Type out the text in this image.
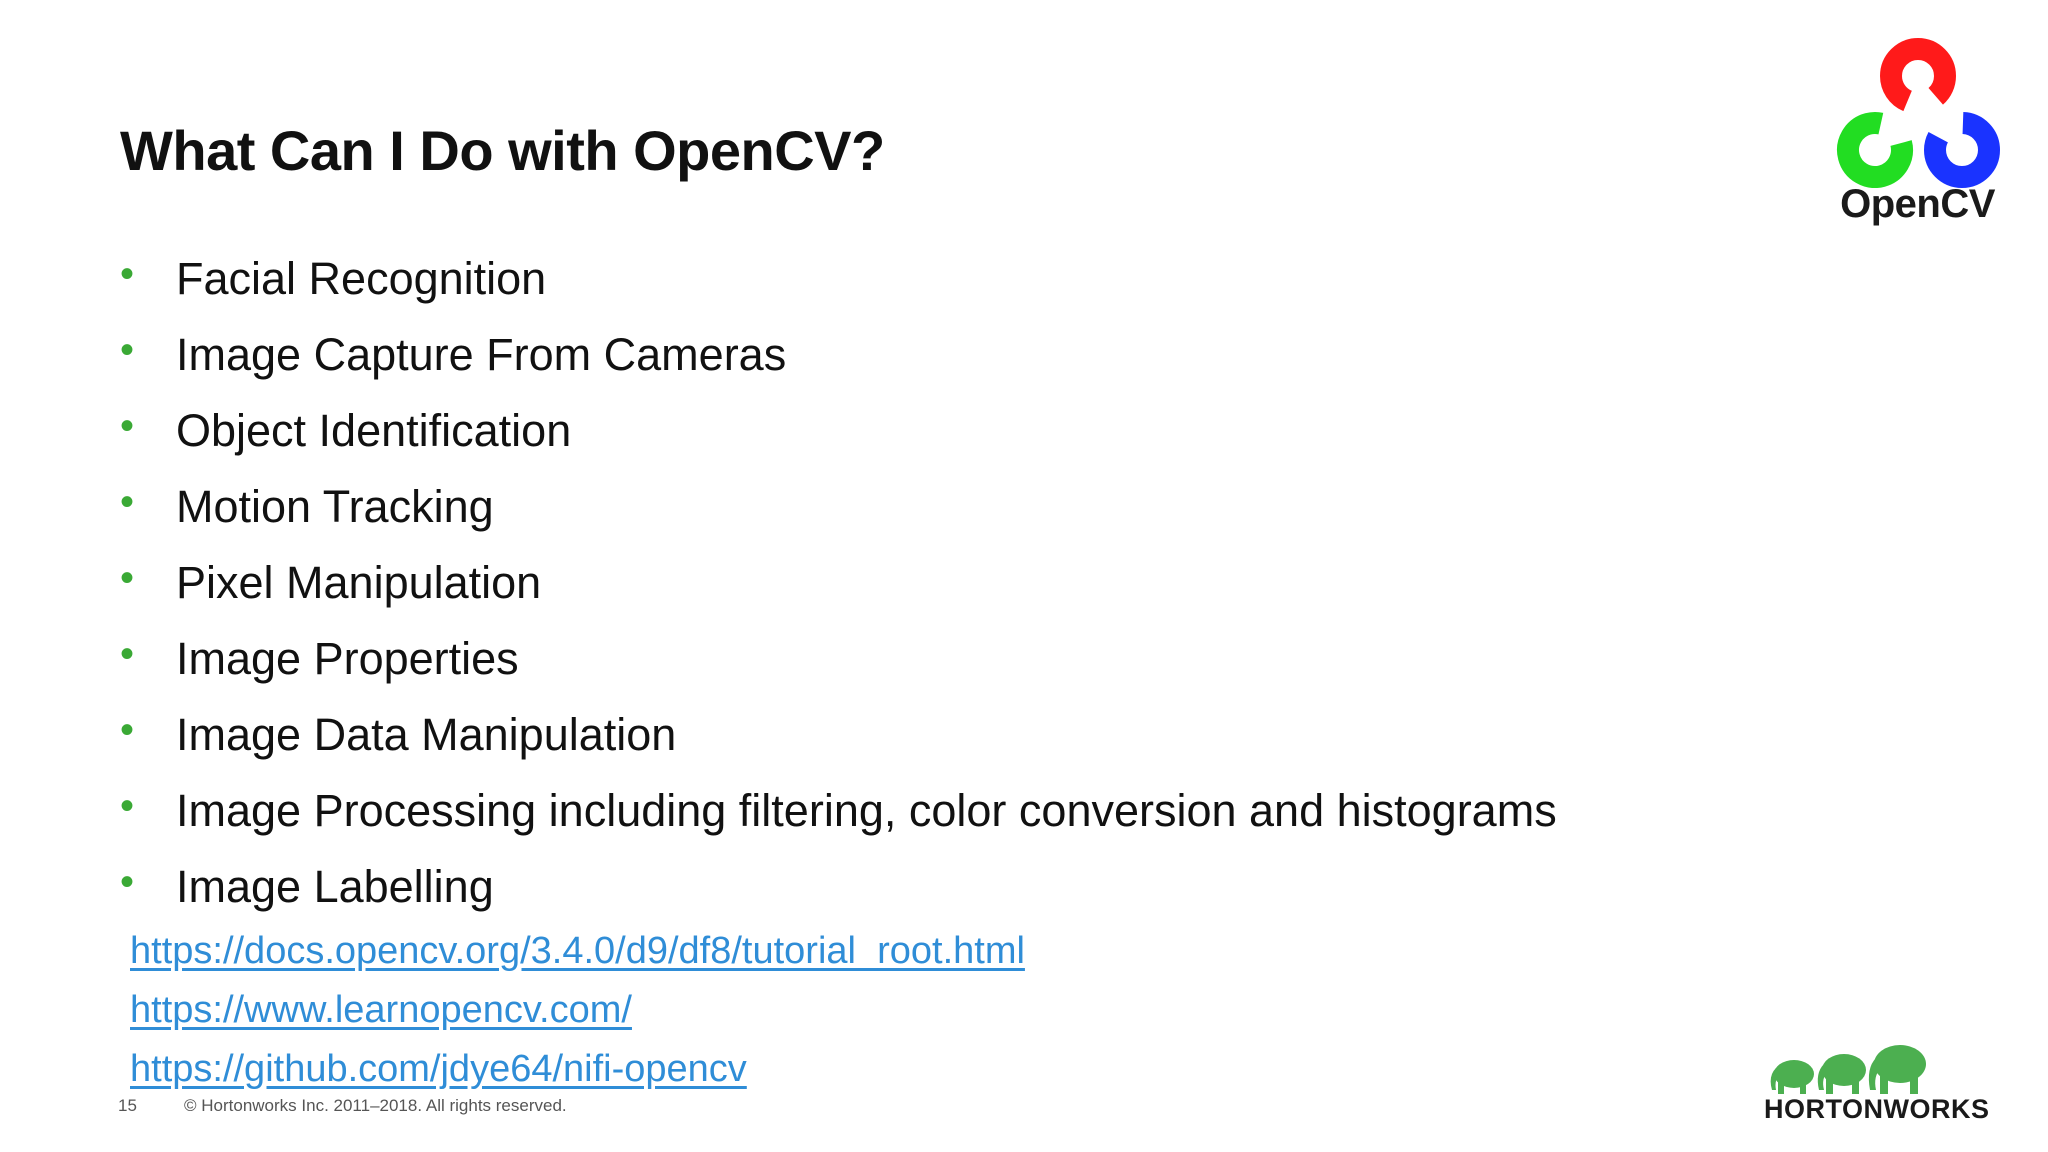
What Can I Do with OpenCV?
• Facial Recognition
• Image Capture From Cameras
• Object Identification
• Motion Tracking
• Pixel Manipulation
• Image Properties
• Image Data Manipulation
• Image Processing including filtering, color conversion and histograms
• Image Labelling
https://docs.opencv.org/3.4.0/d9/df8/tutorial_root.html
https://www.learnopencv.com/
https://github.com/jdye64/nifi-opencv
15	© Hortonworks Inc. 2011–2018. All rights reserved.
OpenCV
HORTONWORKS
